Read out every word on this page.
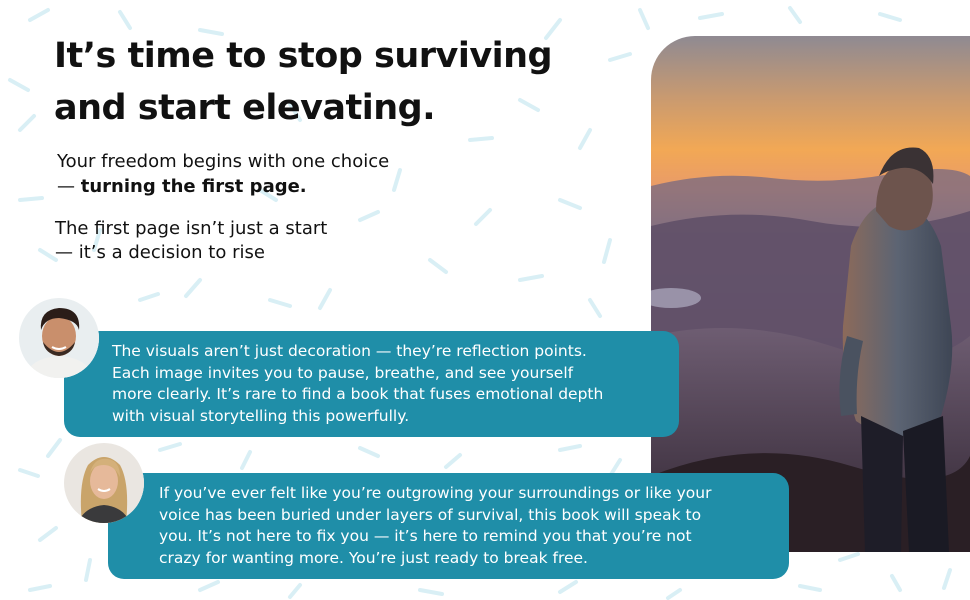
It’s time to stop surviving
and start elevating.
Your freedom begins with one choice
— turning the first page.
The first page isn’t just a start
— it’s a decision to rise
The visuals aren’t just decoration — they’re reflection points.
Each image invites you to pause, breathe, and see yourself
more clearly. It’s rare to find a book that fuses emotional depth
with visual storytelling this powerfully.
If you’ve ever felt like you’re outgrowing your surroundings or like your
voice has been buried under layers of survival, this book will speak to
you. It’s not here to fix you — it’s here to remind you that you’re not
crazy for wanting more. You’re just ready to break free.
